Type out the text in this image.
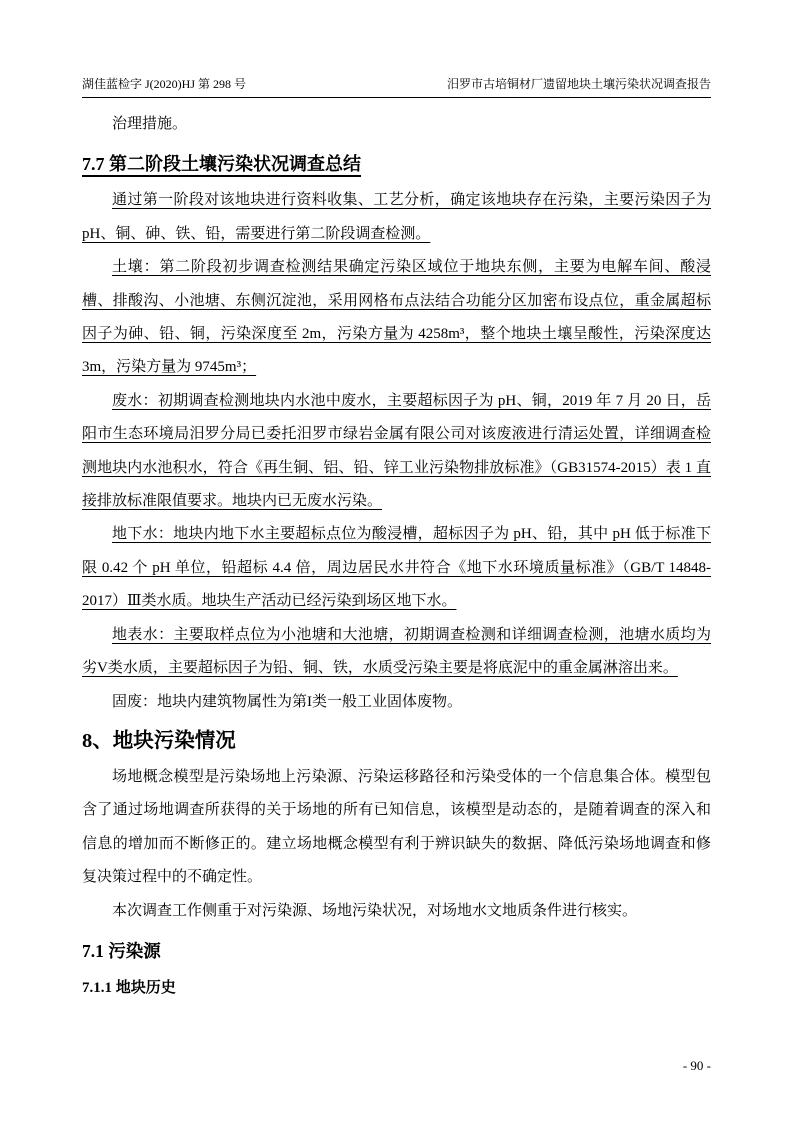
湖佳蓝检字 J(2020)HJ 第 298 号	汨罗市古培铜材厂遗留地块土壤污染状况调查报告

治理措施。

7.7 第二阶段土壤污染状况调查总结

通过第一阶段对该地块进行资料收集、工艺分析，确定该地块存在污染，主要污染因子为 pH、铜、砷、铁、铅，需要进行第二阶段调查检测。

土壤：第二阶段初步调查检测结果确定污染区域位于地块东侧，主要为电解车间、酸浸槽、排酸沟、小池塘、东侧沉淀池，采用网格布点法结合功能分区加密布设点位，重金属超标因子为砷、铅、铜，污染深度至 2m，污染方量为 4258m³，整个地块土壤呈酸性，污染深度达 3m，污染方量为 9745m³；

废水：初期调查检测地块内水池中废水，主要超标因子为 pH、铜，2019 年 7 月 20 日，岳阳市生态环境局汨罗分局已委托汨罗市绿岩金属有限公司对该废液进行清运处置，详细调查检测地块内水池积水，符合《再生铜、铝、铅、锌工业污染物排放标准》（GB31574-2015）表 1 直接排放标准限值要求。地块内已无废水污染。

地下水：地块内地下水主要超标点位为酸浸槽，超标因子为 pH、铅，其中 pH 低于标准下限 0.42 个 pH 单位，铅超标 4.4 倍，周边居民水井符合《地下水环境质量标准》（GB/T 14848-2017）Ⅲ类水质。地块生产活动已经污染到场区地下水。

地表水：主要取样点位为小池塘和大池塘，初期调查检测和详细调查检测，池塘水质均为劣V类水质，主要超标因子为铅、铜、铁，水质受污染主要是将底泥中的重金属淋溶出来。

固废：地块内建筑物属性为第I类一般工业固体废物。

8、地块污染情况

场地概念模型是污染场地上污染源、污染运移路径和污染受体的一个信息集合体。模型包含了通过场地调查所获得的关于场地的所有已知信息，该模型是动态的，是随着调查的深入和信息的增加而不断修正的。建立场地概念模型有利于辨识缺失的数据、降低污染场地调查和修复决策过程中的不确定性。

本次调查工作侧重于对污染源、场地污染状况，对场地水文地质条件进行核实。

7.1 污染源
7.1.1 地块历史
- 90 -
